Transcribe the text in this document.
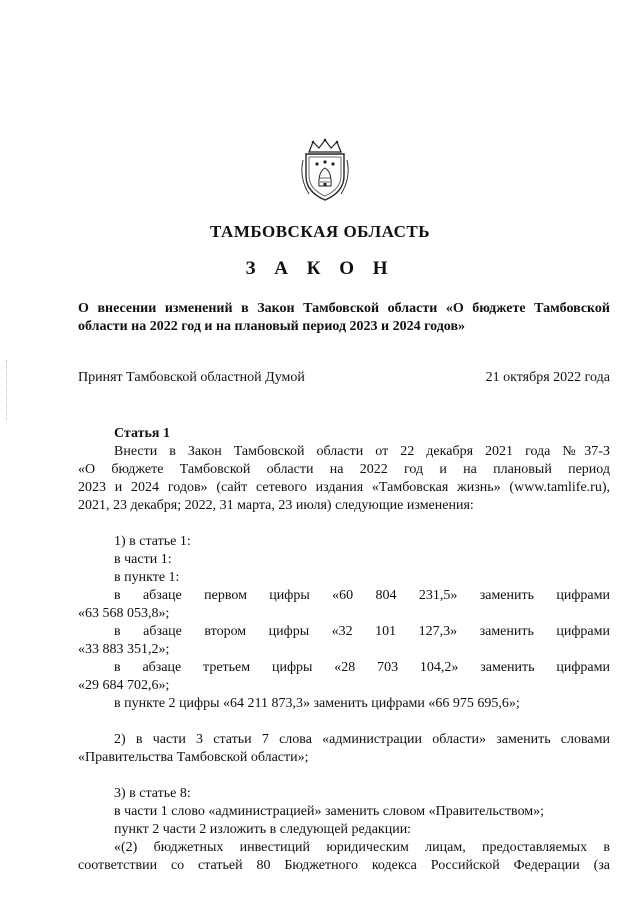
ТАМБОВСКАЯ ОБЛАСТЬ
З А К О Н
О внесении изменений в Закон Тамбовской области «О бюджете Тамбовской области на 2022 год и на плановый период 2023 и 2024 годов»
Принят Тамбовской областной Думой	21 октября 2022 года

Статья 1

Внести в Закон Тамбовской области от 22 декабря 2021 года №37-З

«О бюджете Тамбовской области на 2022 год и на плановый период

2023 и 2024 годов» (сайт сетевого издания «Тамбовская жизнь» (www.tamlife.ru),

2021, 23 декабря; 2022, 31 марта, 23 июля) следующие изменения:

1) в статье 1:

в части 1:

в пункте 1:

в абзаце первом цифры «60 804 231,5» заменить цифрами

«63 568 053,8»;

в абзаце втором цифры «32 101 127,3» заменить цифрами

«33 883 351,2»;

в абзаце третьем цифры «28 703 104,2» заменить цифрами

«29 684 702,6»;

в пункте 2 цифры «64 211 873,3» заменить цифрами «66 975 695,6»;

2) в части 3 статьи 7 слова «администрации области» заменить словами

«Правительства Тамбовской области»;

3) в статье 8:

в части 1 слово «администрацией» заменить словом «Правительством»;

пункт 2 части 2 изложить в следующей редакции:

«(2) бюджетных инвестиций юридическим лицам, предоставляемых в

соответствии со статьей 80 Бюджетного кодекса Российской Федерации (за
